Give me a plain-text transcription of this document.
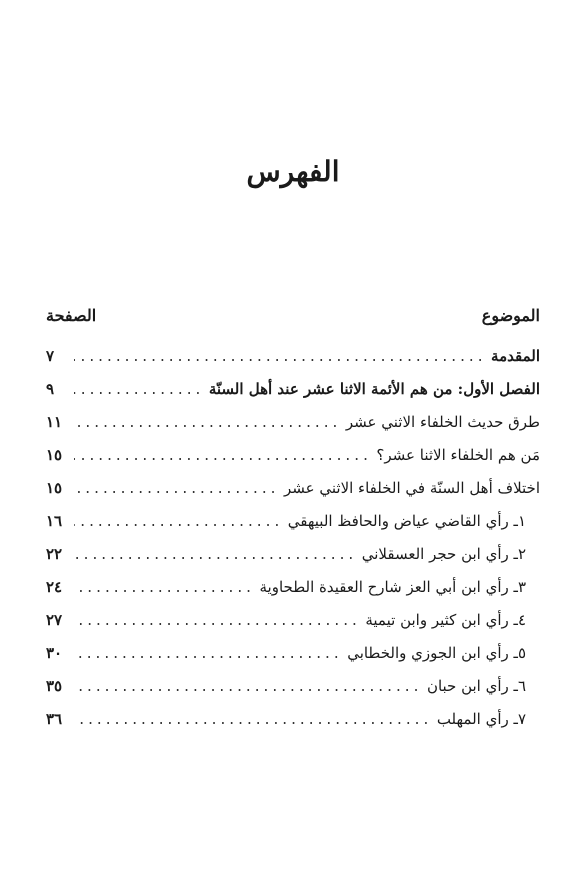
الفهرس
الموضوع
الصفحة
المقدمة
.....
٧
الفصل الأول: من هم الأئمة الاثنا عشر عند أهل السنّة
.....
٩
طرق حديث الخلفاء الاثني عشر
.....
١١
مَن هم الخلفاء الاثنا عشر؟
.....
١٥
اختلاف أهل السنّة في الخلفاء الاثني عشر
.....
١٥
١ـ رأي القاضي عياض والحافظ البيهقي
.....
١٦
٢ـ رأي ابن حجر العسقلاني
.....
٢٢
٣ـ رأي ابن أبي العز شارح العقيدة الطحاوية
.....
٢٤
٤ـ رأي ابن كثير وابن تيمية
.....
٢٧
٥ـ رأي ابن الجوزي والخطابي
.....
٣٠
٦ـ رأي ابن حبان
.....
٣٥
٧ـ رأي المهلب
.....
٣٦
